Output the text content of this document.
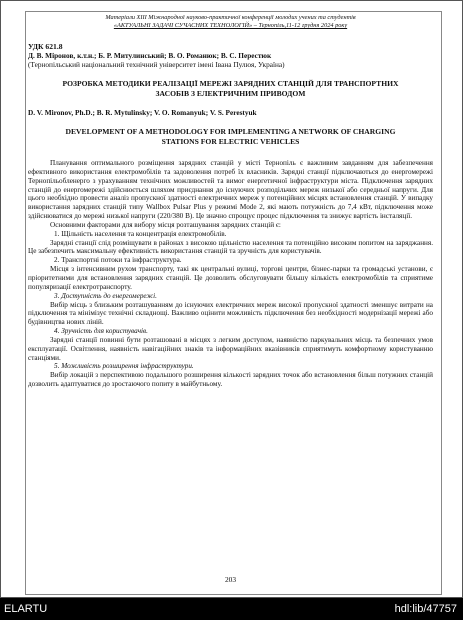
Матеріали ХІІІ Міжнародної науково-практичної конференції молодих учених та студентів
«АКТУАЛЬНІ ЗАДАЧІ СУЧАСНИХ ТЕХНОЛОГІЙ» – Тернопіль,11-12 грудня 2024 року
УДК 621.8
Д. В. Міронов, к.т.н.; Б. Р. Митулинський; В. О. Романюк; В. С. Перестюк
(Тернопільський національний технічний університет імені Івана Пулюя, Україна)
РОЗРОБКА МЕТОДИКИ РЕАЛІЗАЦІЇ МЕРЕЖІ ЗАРЯДНИХ СТАНЦІЙ ДЛЯ ТРАНСПОРТНИХ ЗАСОБІВ З ЕЛЕКТРИЧНИМ ПРИВОДОМ
D. V. Mironov, Ph.D.; B. R. Mytulinsky; V. O. Romanyuk; V. S. Perestyuk
DEVELOPMENT OF A METHODOLOGY FOR IMPLEMENTING A NETWORK OF CHARGING STATIONS FOR ELECTRIC VEHICLES

Планування оптимального розміщення зарядних станцій у місті Тернопіль є важливим завданням для забезпечення ефективного використання електромобілів та задоволення потреб їх власників. Зарядні станції підключаються до енергомережі Тернопільобленерго з урахуванням технічних можливостей та вимог енергетичної інфраструктури міста. Підключення зарядних станцій до енергомережі здійснюється шляхом приєднання до існуючих розподільчих мереж низької або середньої напруги. Для цього необхідно провести аналіз пропускної здатності електричних мереж у потенційних місцях встановлення станцій. У випадку використання зарядних станцій типу Wallbox Pulsar Plus у режимі Mode 2, які мають потужність до 7,4 кВт, підключення може здійснюватися до мережі низької напруги (220/380 В). Це значно спрощує процес підключення та знижує вартість інсталяції.

Основними факторами для вибору місця розташування зарядних станцій є:

1. Щільність населення та концентрація електромобілів.

Зарядні станції слід розміщувати в районах з високою щільністю населення та потенційно високим попитом на заряджання. Це забезпечить максимальну ефективність використання станцій та зручність для користувачів.

2. Транспортні потоки та інфраструктура.

Місця з інтенсивним рухом транспорту, такі як центральні вулиці, торгові центри, бізнес-парки та громадські установи, є пріоритетними для встановлення зарядних станцій. Це дозволить обслуговувати більшу кількість електромобілів та сприятиме популяризації електротранспорту.

3. Доступність до енергомережі.

Вибір місць з близьким розташуванням до існуючих електричних мереж високої пропускної здатності зменшує витрати на підключення та мінімізує технічні складнощі. Важливо оцінити можливість підключення без необхідності модернізації мережі або будівництва нових ліній.

4. Зручність для користувачів.

Зарядні станції повинні бути розташовані в місцях з легким доступом, наявністю паркувальних місць та безпечних умов експлуатації. Освітлення, наявність навігаційних знаків та інформаційних вказівників сприятимуть комфортному користуванню станціями.

5. Можливість розширення інфраструктури.

Вибір локацій з перспективою подальшого розширення кількості зарядних точок або встановлення більш потужних станцій дозволить адаптуватися до зростаючого попиту в майбутньому.

203
ELARTU	hdl:lib/47757
